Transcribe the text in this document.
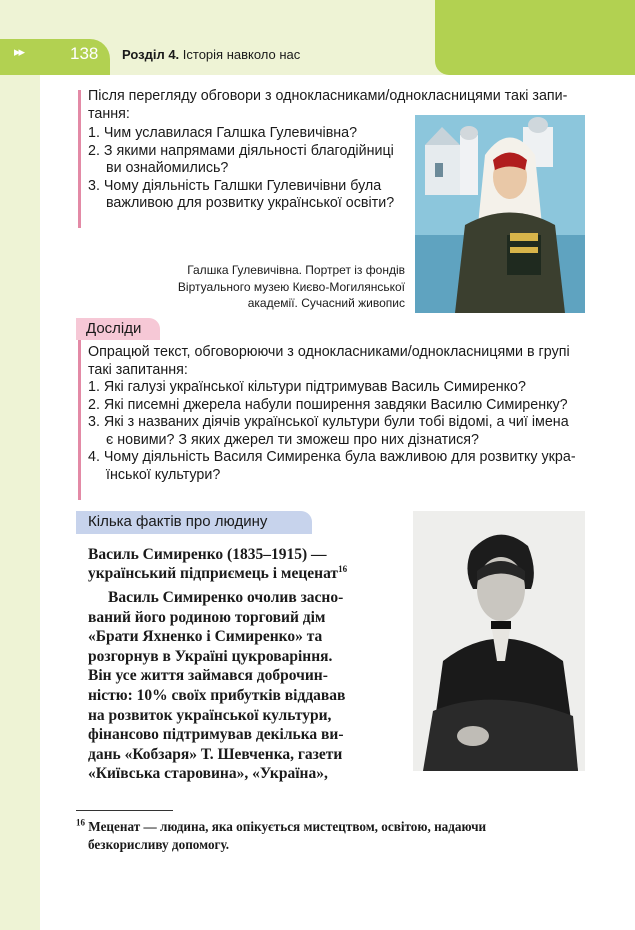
▸▸	138 Розділ 4. Історія навколо нас
Після перегляду обговори з однокласниками/однокласницями такі запи-
тання:
1. Чим уславилася Галшка Гулевичівна?
2. З якими напрямами діяльності благодійниці
ви ознайомились?
3. Чому діяльність Галшки Гулевичівни була
важливою для розвитку української освіти?
Галшка Гулевичівна. Портрет із фондів
Віртуального музею Києво-Могилянської
академії. Сучасний живопис
Досліди
Опрацюй текст, обговорюючи з однокласниками/однокласницями в групі
такі запитання:
1. Які галузі української кільтури підтримував Василь Симиренко?
2. Які писемні джерела набули поширення завдяки Василю Симиренку?
3. Які з названих діячів української культури були тобі відомі, а чиї імена
є новими? З яких джерел ти зможеш про них дізнатися?
4. Чому діяльність Василя Симиренка була важливою для розвитку укра-
їнської культури?
Кілька фактів про людину
Василь Симиренко (1835–1915) —
український підприємець і меценат$^{16}$
Василь Симиренко очолив засно-
ваний його родиною торговий дім
«Брати Яхненко і Симиренко» та
розгорнув в Україні цукроваріння.
Він усе життя займався доброчин-
ністю: 10% своїх прибутків віддавав
на розвиток української культури,
фінансово підтримував декілька ви-
дань «Кобзаря» Т. Шевченка, газети
«Київська старовина», «Україна»,
$^{16}$ Меценат — людина, яка опікується мистецтвом, освітою, надаючи
безкорисливу допомогу.
